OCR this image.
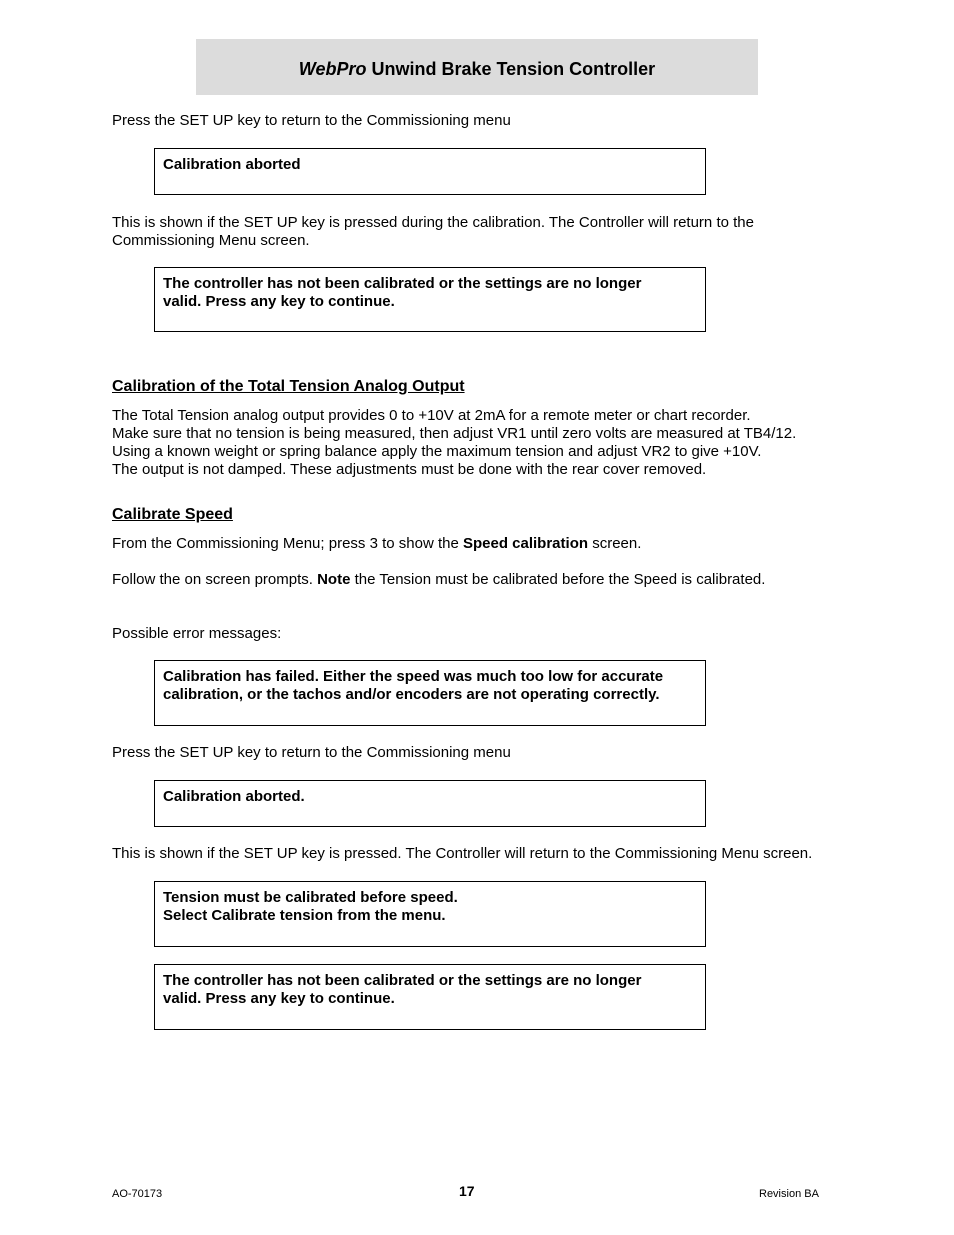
WebPro Unwind Brake Tension Controller
Press the SET UP key to return to the Commissioning menu
Calibration aborted
This is shown if the SET UP key is pressed during the calibration. The Controller will return to the
Commissioning Menu screen.
The controller has not been calibrated or the settings are no longer
valid. Press any key to continue.
Calibration of the Total Tension Analog Output
The Total Tension analog output provides 0 to +10V at 2mA for a remote meter or chart recorder.
Make sure that no tension is being measured, then adjust VR1 until zero volts are measured at TB4/12.
Using a known weight or spring balance apply the maximum tension and adjust VR2 to give +10V.
The output is not damped. These adjustments must be done with the rear cover removed.
Calibrate Speed
From the Commissioning Menu; press 3 to show the Speed calibration screen.
Follow the on screen prompts. Note the Tension must be calibrated before the Speed is calibrated.
Possible error messages:
Calibration has failed. Either the speed was much too low for accurate
calibration, or the tachos and/or encoders are not operating correctly.
Press the SET UP key to return to the Commissioning menu
Calibration aborted.
This is shown if the SET UP key is pressed. The Controller will return to the Commissioning Menu screen.
Tension must be calibrated before speed.
Select Calibrate tension from the menu.
The controller has not been calibrated or the settings are no longer
valid. Press any key to continue.
AO-70173	17	Revision BA
